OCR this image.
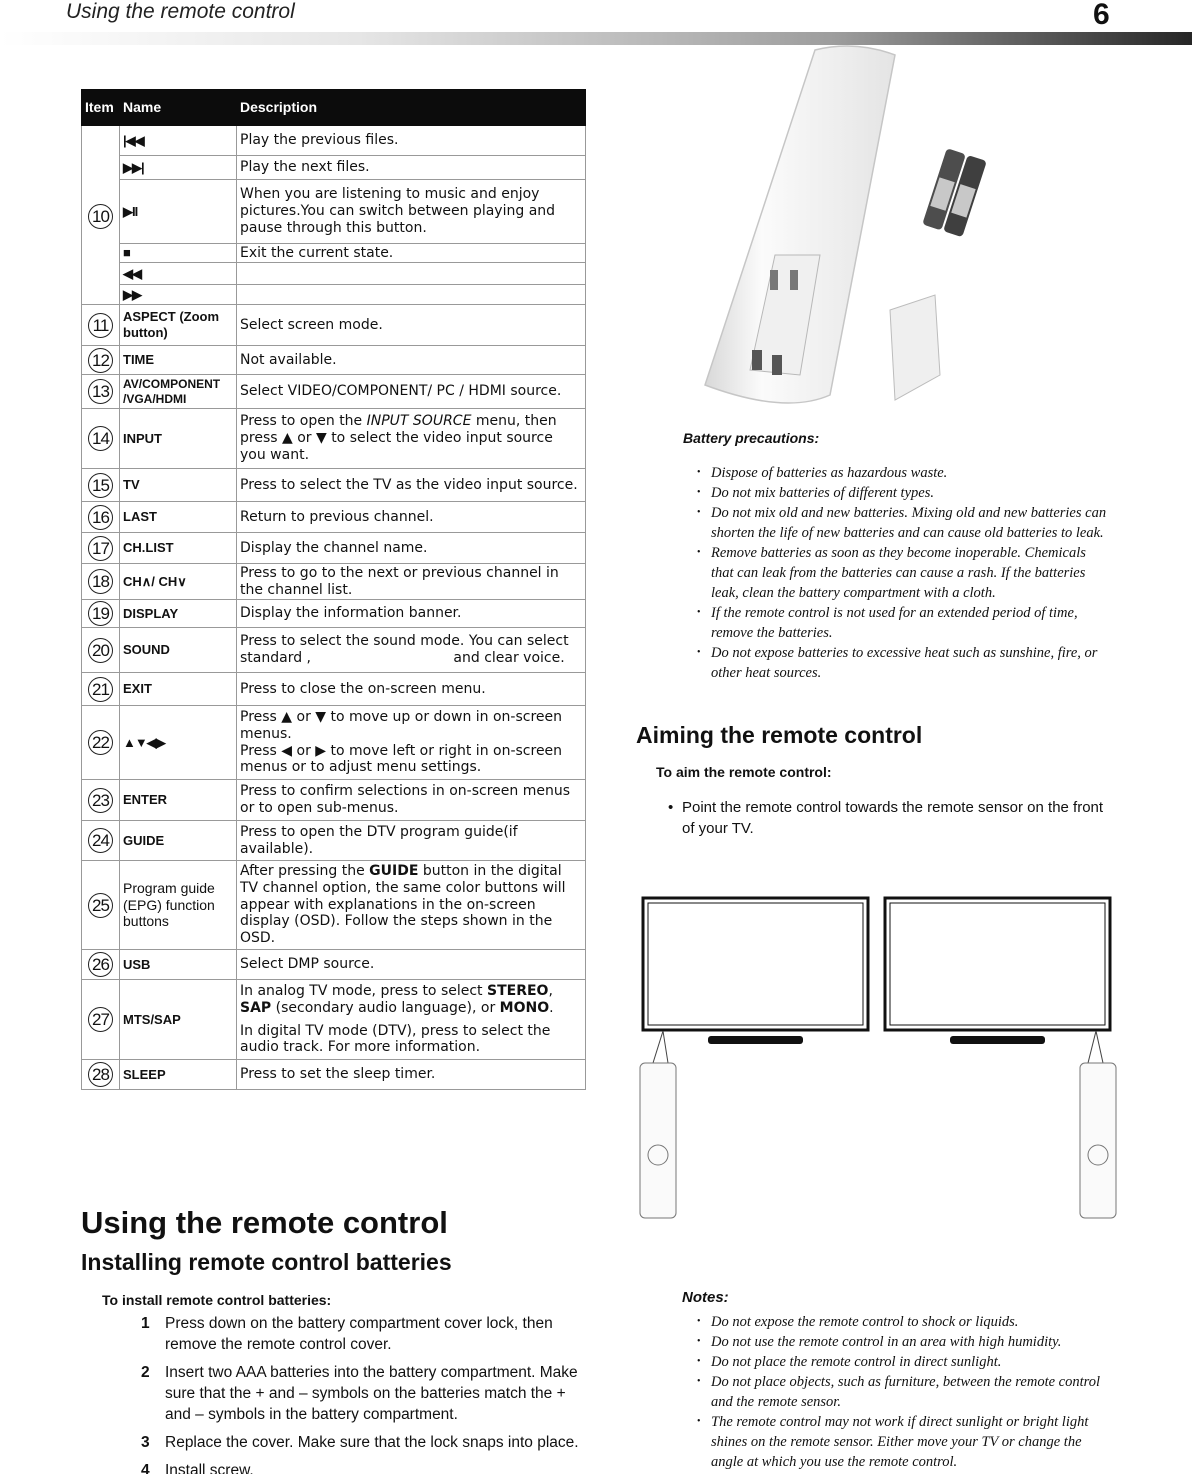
Using the remote control	6
Item	Name	Description
10	|◀◀	Play the previous files.
	▶▶|	Play the next files.
	▶II	When you are listening to music and enjoy pictures.You can switch between playing and pause through this button.
	■	Exit the current state.
	◀◀	
	▶▶	
11	ASPECT (Zoom button)	Select screen mode.
12	TIME	Not available.
13	AV/COMPONENT /VGA/HDMI	Select VIDEO/COMPONENT/ PC / HDMI source.
14	INPUT	Press to open the INPUT SOURCE menu, then press ▲ or ▼ to select the video input source you want.
15	TV	Press to select the TV as the video input source.
16	LAST	Return to previous channel.
17	CH.LIST	Display the channel name.
18	CH∧/ CH∨	Press to go to the next or previous channel in the channel list.
19	DISPLAY	Display the information banner.
20	SOUND	Press to select the sound mode. You can select standard ,                                and clear voice.
21	EXIT	Press to close the on-screen menu.
22	▲▼◀▶	Press ▲ or ▼ to move up or down in on-screen menus.
Press ◀ or ▶ to move left or right in on-screen menus or to adjust menu settings.

23	ENTER	Press to confirm selections in on-screen menus or to open sub-menus.
24	GUIDE	Press to open the DTV program guide(if available).
25	Program guide (EPG) function buttons	After pressing the GUIDE button in the digital TV channel option, the same color buttons will appear with explanations in the on-screen display (OSD). Follow the steps shown in the OSD.
26	USB	Select DMP source.
27	MTS/SAP	In analog TV mode, press to select STEREO,
SAP (secondary audio language), or MONO.
In digital TV mode (DTV), press to select the audio track. For more information.

28	SLEEP	Press to set the sleep timer.
Battery precautions:
• Dispose of batteries as hazardous waste.
• Do not mix batteries of different types.
• Do not mix old and new batteries. Mixing old and new batteries can shorten the life of new batteries and can cause old batteries to leak.
• Remove batteries as soon as they become inoperable. Chemicals that can leak from the batteries can cause a rash. If the batteries leak, clean the battery compartment with a cloth.
• If the remote control is not used for an extended period of time, remove the batteries.
• Do not expose batteries to excessive heat such as sunshine, fire, or other heat sources.
Aiming the remote control
To aim the remote control:
• Point the remote control towards the remote sensor on the front of your TV.
Notes:
• Do not expose the remote control to shock or liquids.
• Do not use the remote control in an area with high humidity.
• Do not place the remote control in direct sunlight.
• Do not place objects, such as furniture, between the remote control and the remote sensor.
• The remote control may not work if direct sunlight or bright light shines on the remote sensor. Either move your TV or change the angle at which you use the remote control.
Using the remote control
Installing remote control batteries
To install remote control batteries:
1 Press down on the battery compartment cover lock, then remove the remote control cover.
2 Insert two AAA batteries into the battery compartment. Make sure that the + and – symbols on the batteries match the + and – symbols in the battery compartment.
3 Replace the cover. Make sure that the lock snaps into place.
4 Install screw.
